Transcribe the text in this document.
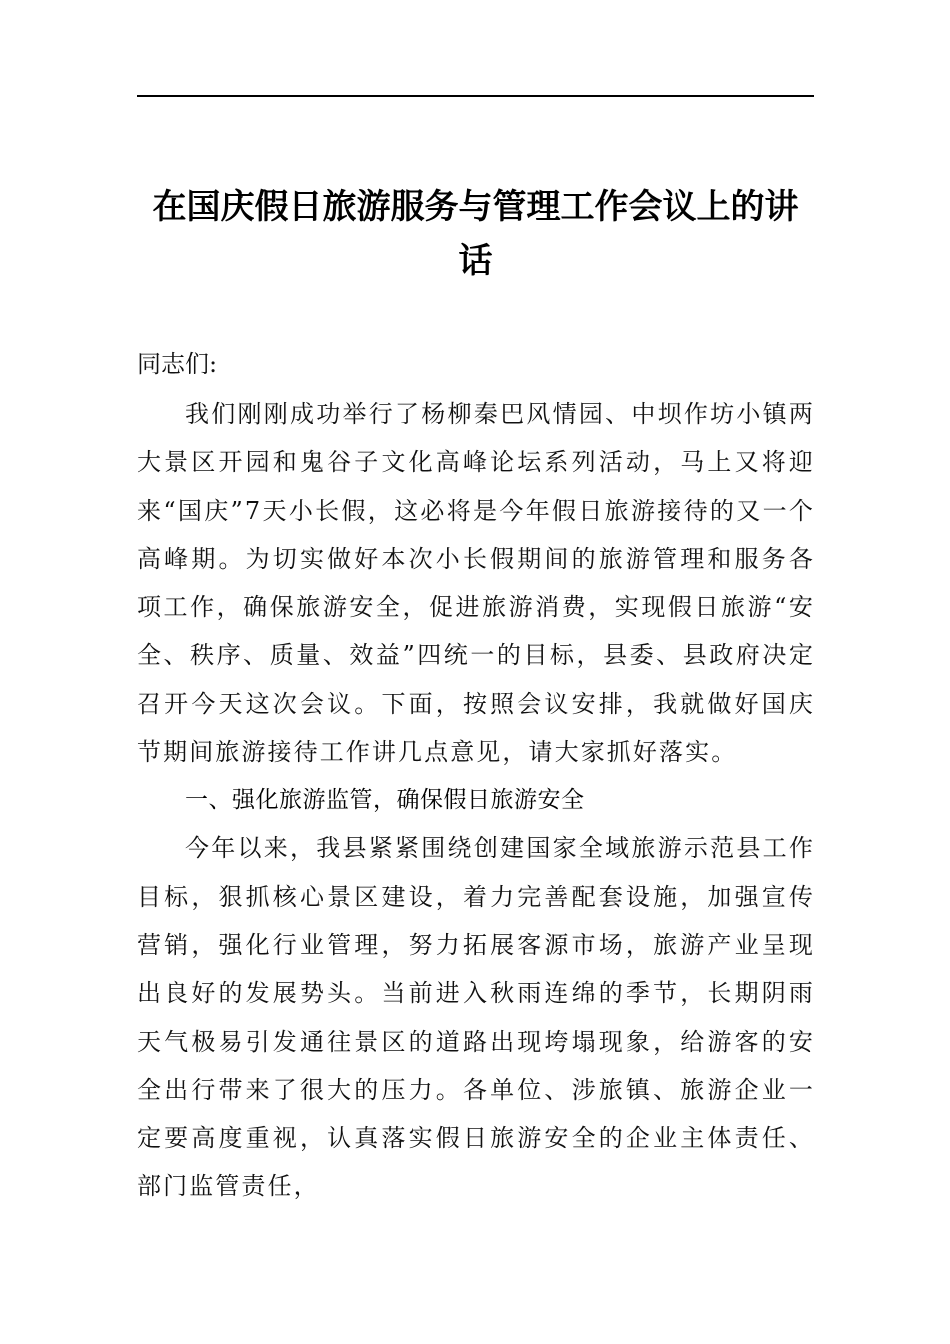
在国庆假日旅游服务与管理工作会议上的讲话

同志们:

我们刚刚成功举行了杨柳秦巴风情园、中坝作坊小镇两大景区开园和鬼谷子文化高峰论坛系列活动，马上又将迎来“国庆”7天小长假，这必将是今年假日旅游接待的又一个高峰期。为切实做好本次小长假期间的旅游管理和服务各项工作，确保旅游安全，促进旅游消费，实现假日旅游“安全、秩序、质量、效益”四统一的目标，县委、县政府决定召开今天这次会议。下面，按照会议安排，我就做好国庆节期间旅游接待工作讲几点意见，请大家抓好落实。

一、强化旅游监管，确保假日旅游安全

今年以来，我县紧紧围绕创建国家全域旅游示范县工作目标，狠抓核心景区建设，着力完善配套设施，加强宣传营销，强化行业管理，努力拓展客源市场，旅游产业呈现出良好的发展势头。当前进入秋雨连绵的季节，长期阴雨天气极易引发通往景区的道路出现垮塌现象，给游客的安全出行带来了很大的压力。各单位、涉旅镇、旅游企业一定要高度重视，认真落实假日旅游安全的企业主体责任、部门监管责任，
